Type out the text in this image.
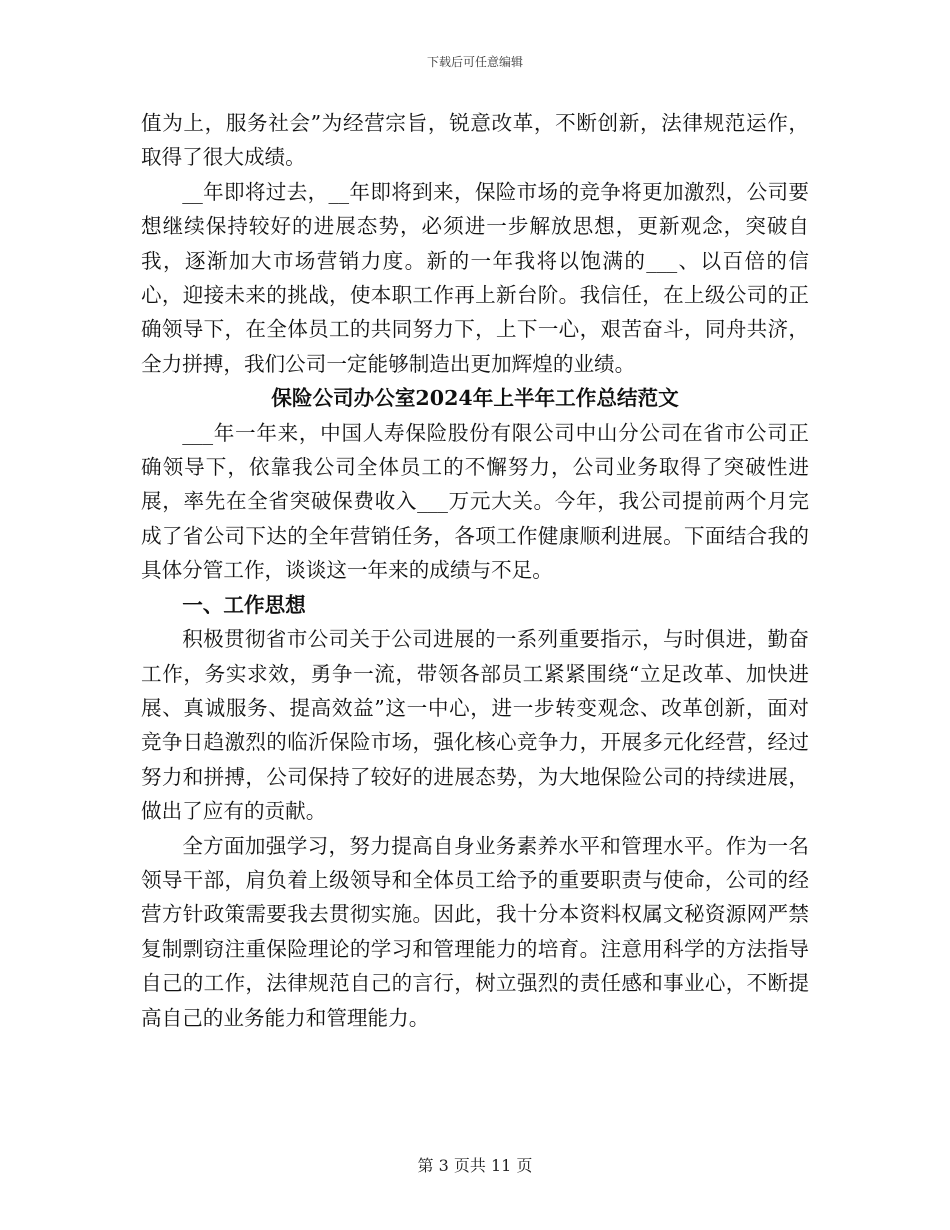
下载后可任意编辑

值为上，服务社会”为经营宗旨，锐意改革，不断创新，法律规范运作，取得了很大成绩。

__年即将过去，__年即将到来，保险市场的竞争将更加激烈，公司要想继续保持较好的进展态势，必须进一步解放思想，更新观念，突破自我，逐渐加大市场营销力度。新的一年我将以饱满的___、以百倍的信心，迎接未来的挑战，使本职工作再上新台阶。我信任，在上级公司的正确领导下，在全体员工的共同努力下，上下一心，艰苦奋斗，同舟共济，全力拼搏，我们公司一定能够制造出更加辉煌的业绩。

保险公司办公室2024年上半年工作总结范文

___年一年来，中国人寿保险股份有限公司中山分公司在省市公司正确领导下，依靠我公司全体员工的不懈努力，公司业务取得了突破性进展，率先在全省突破保费收入___万元大关。今年，我公司提前两个月完成了省公司下达的全年营销任务，各项工作健康顺利进展。下面结合我的具体分管工作，谈谈这一年来的成绩与不足。

一、工作思想

积极贯彻省市公司关于公司进展的一系列重要指示，与时俱进，勤奋工作，务实求效，勇争一流，带领各部员工紧紧围绕“立足改革、加快进展、真诚服务、提高效益”这一中心，进一步转变观念、改革创新，面对竞争日趋激烈的临沂保险市场，强化核心竞争力，开展多元化经营，经过努力和拼搏，公司保持了较好的进展态势，为大地保险公司的持续进展，做出了应有的贡献。

全方面加强学习，努力提高自身业务素养水平和管理水平。作为一名领导干部，肩负着上级领导和全体员工给予的重要职责与使命，公司的经营方针政策需要我去贯彻实施。因此，我十分本资料权属文秘资源网严禁复制剽窃注重保险理论的学习和管理能力的培育。注意用科学的方法指导自己的工作，法律规范自己的言行，树立强烈的责任感和事业心，不断提高自己的业务能力和管理能力。

第 3 页共 11 页
